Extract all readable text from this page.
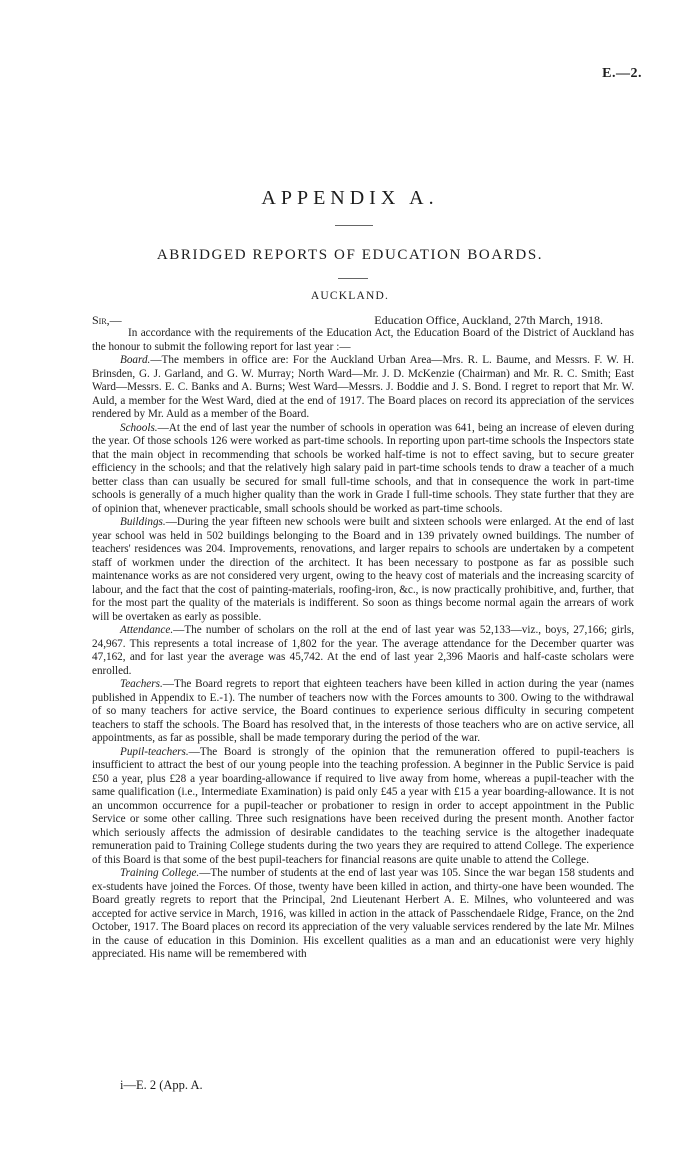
E.—2.
APPENDIX A.
ABRIDGED REPORTS OF EDUCATION BOARDS.
AUCKLAND.
Sir,—	Education Office, Auckland, 27th March, 1918.

In accordance with the requirements of the Education Act, the Education Board of the District of Auckland has the honour to submit the following report for last year :—

Board.—The members in office are: For the Auckland Urban Area—Mrs. R. L. Baume, and Messrs. F. W. H. Brinsden, G. J. Garland, and G. W. Murray; North Ward—Mr. J. D. McKenzie (Chairman) and Mr. R. C. Smith; East Ward—Messrs. E. C. Banks and A. Burns; West Ward—Messrs. J. Boddie and J. S. Bond. I regret to report that Mr. W. Auld, a member for the West Ward, died at the end of 1917. The Board places on record its appreciation of the services rendered by Mr. Auld as a member of the Board.

Schools.—At the end of last year the number of schools in operation was 641, being an increase of eleven during the year. Of those schools 126 were worked as part-time schools. In reporting upon part-time schools the Inspectors state that the main object in recommending that schools be worked half-time is not to effect saving, but to secure greater efficiency in the schools; and that the relatively high salary paid in part-time schools tends to draw a teacher of a much better class than can usually be secured for small full-time schools, and that in consequence the work in part-time schools is generally of a much higher quality than the work in Grade I full-time schools. They state further that they are of opinion that, whenever practicable, small schools should be worked as part-time schools.

Buildings.—During the year fifteen new schools were built and sixteen schools were enlarged. At the end of last year school was held in 502 buildings belonging to the Board and in 139 privately owned buildings. The number of teachers' residences was 204. Improvements, renovations, and larger repairs to schools are undertaken by a competent staff of workmen under the direction of the architect. It has been necessary to postpone as far as possible such maintenance works as are not considered very urgent, owing to the heavy cost of materials and the increasing scarcity of labour, and the fact that the cost of painting-materials, roofing-iron, &c., is now practically prohibitive, and, further, that for the most part the quality of the materials is indifferent. So soon as things become normal again the arrears of work will be overtaken as early as possible.

Attendance.—The number of scholars on the roll at the end of last year was 52,133—viz., boys, 27,166; girls, 24,967. This represents a total increase of 1,802 for the year. The average attendance for the December quarter was 47,162, and for last year the average was 45,742. At the end of last year 2,396 Maoris and half-caste scholars were enrolled.

Teachers.—The Board regrets to report that eighteen teachers have been killed in action during the year (names published in Appendix to E.-1). The number of teachers now with the Forces amounts to 300. Owing to the withdrawal of so many teachers for active service, the Board continues to experience serious difficulty in securing competent teachers to staff the schools. The Board has resolved that, in the interests of those teachers who are on active service, all appointments, as far as possible, shall be made temporary during the period of the war.

Pupil-teachers.—The Board is strongly of the opinion that the remuneration offered to pupil-teachers is insufficient to attract the best of our young people into the teaching profession. A beginner in the Public Service is paid £50 a year, plus £28 a year boarding-allowance if required to live away from home, whereas a pupil-teacher with the same qualification (i.e., Intermediate Examination) is paid only £45 a year with £15 a year boarding-allowance. It is not an uncommon occurrence for a pupil-teacher or probationer to resign in order to accept appointment in the Public Service or some other calling. Three such resignations have been received during the present month. Another factor which seriously affects the admission of desirable candidates to the teaching service is the altogether inadequate remuneration paid to Training College students during the two years they are required to attend College. The experience of this Board is that some of the best pupil-teachers for financial reasons are quite unable to attend the College.

Training College.—The number of students at the end of last year was 105. Since the war began 158 students and ex-students have joined the Forces. Of those, twenty have been killed in action, and thirty-one have been wounded. The Board greatly regrets to report that the Principal, 2nd Lieutenant Herbert A. E. Milnes, who volunteered and was accepted for active service in March, 1916, was killed in action in the attack of Passchendaele Ridge, France, on the 2nd October, 1917. The Board places on record its appreciation of the very valuable services rendered by the late Mr. Milnes in the cause of education in this Dominion. His excellent qualities as a man and an educationist were very highly appreciated. His name will be remembered with

i—E. 2 (App. A.
